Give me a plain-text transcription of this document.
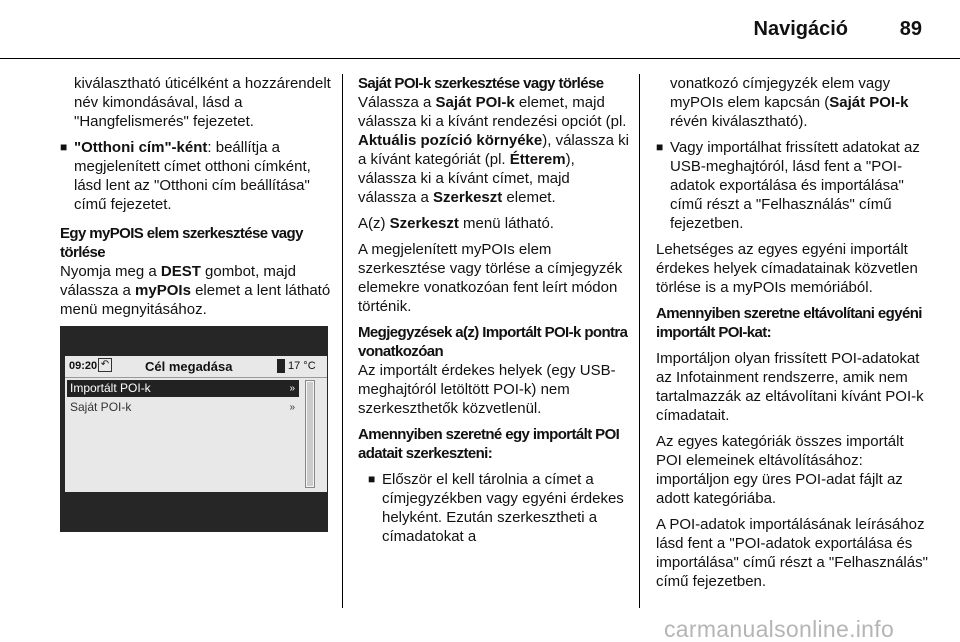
Navigáció	89
kiválasztható úticélként a hozzárendelt név kimondásával, lásd a "Hangfelismerés" fejezetet.
■ "Otthoni cím"-ként: beállítja a megjelenített címet otthoni címként, lásd lent az "Otthoni cím beállítása" című fejezetet.
Egy myPOIS elem szerkesztése vagy törlése
Nyomja meg a DEST gombot, majd válassza a myPOIs elemet a lent látható menü megnyitásához.
09:20 ↶	Cél megadása	17 °C
Importált POI-k	»
Saját POI-k	»
Saját POI-k szerkesztése vagy törlése
Válassza a Saját POI-k elemet, majd válassza ki a kívánt rendezési opciót (pl. Aktuális pozíció környéke), válassza ki a kívánt kategóriát (pl. Étterem), válassza ki a kívánt címet, majd válassza a Szerkeszt elemet.
A(z) Szerkeszt menü látható.
A megjelenített myPOIs elem szerkesztése vagy törlése a címjegyzék elemekre vonatkozóan fent leírt módon történik.
Megjegyzések a(z) Importált POI-k pontra vonatkozóan
Az importált érdekes helyek (egy USB-meghajtóról letöltött POI-k) nem szerkeszthetők közvetlenül.
Amennyiben szeretné egy importált POI adatait szerkeszteni:
■ Először el kell tárolnia a címet a címjegyzékben vagy egyéni érdekes helyként. Ezután szerkesztheti a címadatokat a
vonatkozó címjegyzék elem vagy myPOIs elem kapcsán (Saját POI-k révén kiválasztható).
■ Vagy importálhat frissített adatokat az USB-meghajtóról, lásd fent a "POI-adatok exportálása és importálása" című részt a "Felhasználás" című fejezetben.
Lehetséges az egyes egyéni importált érdekes helyek címadatainak közvetlen törlése is a myPOIs memóriából.
Amennyiben szeretne eltávolítani egyéni importált POI-kat:
Importáljon olyan frissített POI-adatokat az Infotainment rendszerre, amik nem tartalmazzák az eltávolítani kívánt POI-k címadatait.
Az egyes kategóriák összes importált POI elemeinek eltávolításához: importáljon egy üres POI-adat fájlt az adott kategóriába.
A POI-adatok importálásának leírásához lásd fent a "POI-adatok exportálása és importálása" című részt a "Felhasználás" című fejezetben.
carmanualsonline.info
